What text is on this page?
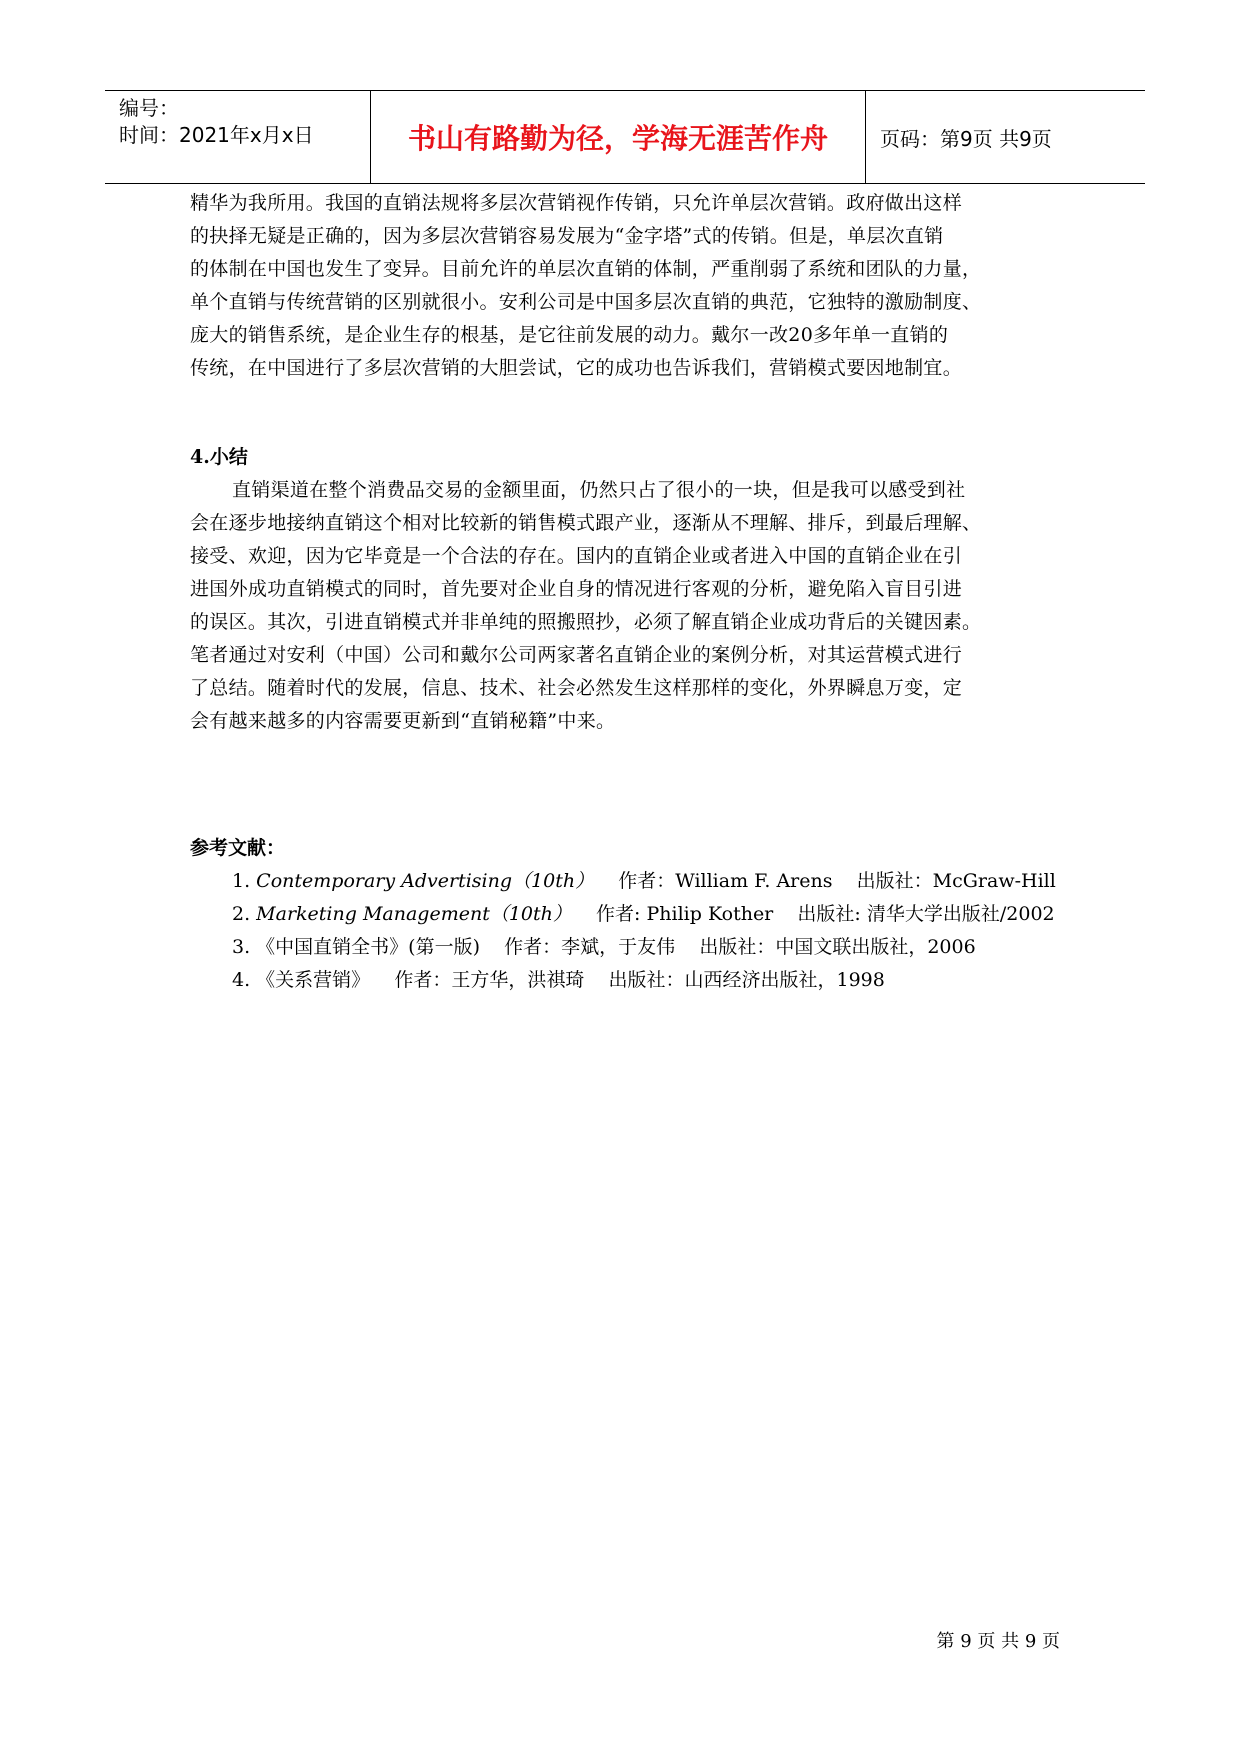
编号：
时间：2021年x月x日	书山有路勤为径，学海无涯苦作舟	页码：第9页 共9页
精华为我所用。我国的直销法规将多层次营销视作传销，只允许单层次营销。政府做出这样
的抉择无疑是正确的，因为多层次营销容易发展为“金字塔”式的传销。但是，单层次直销
的体制在中国也发生了变异。目前允许的单层次直销的体制，严重削弱了系统和团队的力量，
单个直销与传统营销的区别就很小。安利公司是中国多层次直销的典范，它独特的激励制度、
庞大的销售系统，是企业生存的根基，是它往前发展的动力。戴尔一改20多年单一直销的
传统，在中国进行了多层次营销的大胆尝试，它的成功也告诉我们，营销模式要因地制宜。
4.小结
直销渠道在整个消费品交易的金额里面，仍然只占了很小的一块，但是我可以感受到社
会在逐步地接纳直销这个相对比较新的销售模式跟产业，逐渐从不理解、排斥，到最后理解、
接受、欢迎，因为它毕竟是一个合法的存在。国内的直销企业或者进入中国的直销企业在引
进国外成功直销模式的同时，首先要对企业自身的情况进行客观的分析，避免陷入盲目引进
的误区。其次，引进直销模式并非单纯的照搬照抄，必须了解直销企业成功背后的关键因素。
笔者通过对安利（中国）公司和戴尔公司两家著名直销企业的案例分析，对其运营模式进行
了总结。随着时代的发展，信息、技术、社会必然发生这样那样的变化，外界瞬息万变，定
会有越来越多的内容需要更新到“直销秘籍”中来。
参考文献：
1. Contemporary Advertising（10th）    作者：William F. Arens    出版社：McGraw-Hill
2. Marketing Management（10th）    作者: Philip Kother    出版社: 清华大学出版社/2002
3. 《中国直销全书》(第一版)    作者：李斌，于友伟    出版社：中国文联出版社，2006
4. 《关系营销》    作者：王方华，洪祺琦    出版社：山西经济出版社，1998
第 9 页 共 9 页
